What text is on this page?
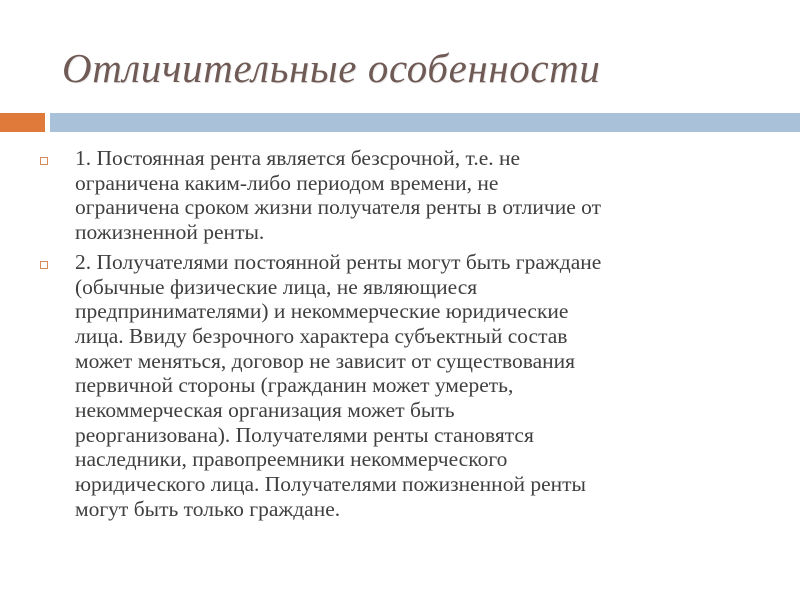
Отличительные особенности
1. Постоянная рента является безсрочной, т.е. не
ограничена каким-либо периодом времени, не
ограничена сроком жизни получателя ренты в отличие от
пожизненной ренты.
2. Получателями постоянной ренты могут быть граждане
(обычные физические лица, не являющиеся
предпринимателями) и некоммерческие юридические
лица. Ввиду безрочного характера субъектный состав
может меняться, договор не зависит от существования
первичной стороны (гражданин может умереть,
некоммерческая организация может быть
реорганизована). Получателями ренты становятся
наследники, правопреемники некоммерческого
юридического лица. Получателями пожизненной ренты
могут быть только граждане.
